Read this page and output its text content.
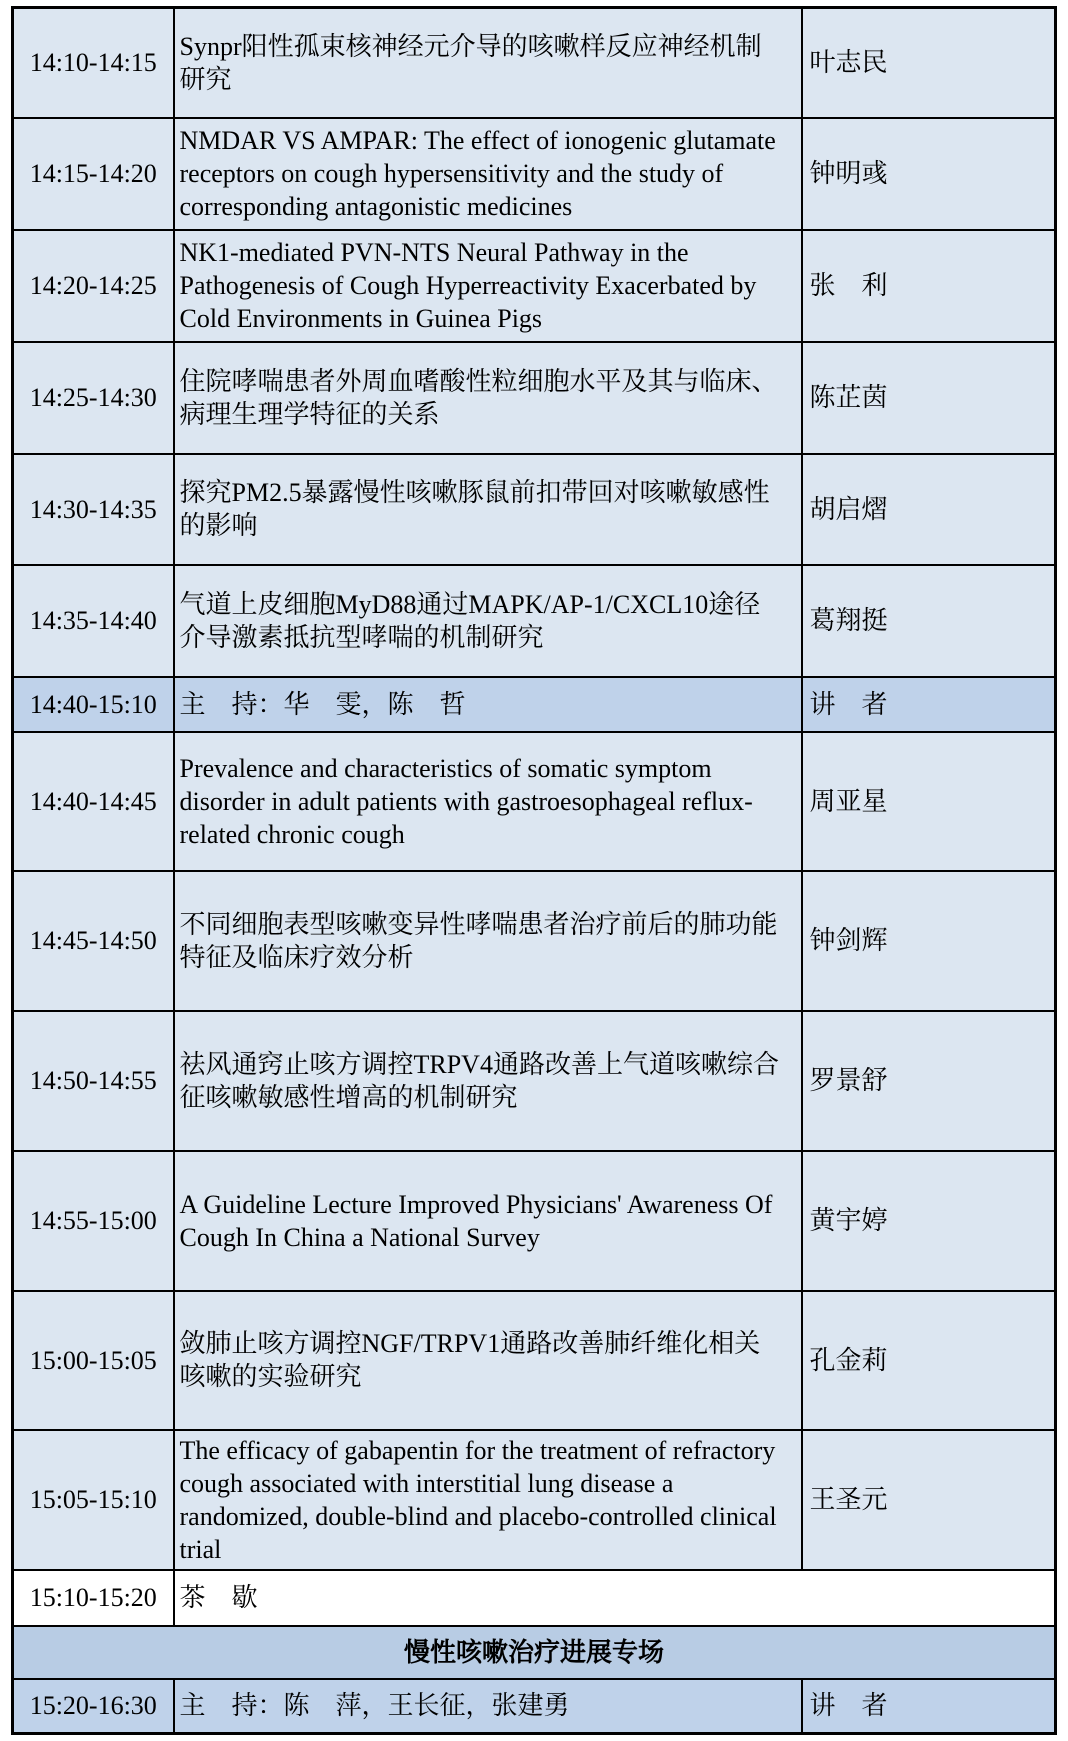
14:10-14:15	Synpr阳性孤束核神经元介导的咳嗽样反应神经机制
研究	叶志民
14:15-14:20	NMDAR VS AMPAR: The effect of ionogenic glutamate
receptors on cough hypersensitivity and the study of
corresponding antagonistic medicines	钟明彧
14:20-14:25	NK1-mediated PVN-NTS Neural Pathway in the
Pathogenesis of Cough Hyperreactivity Exacerbated by
Cold Environments in Guinea Pigs	张　利
14:25-14:30	住院哮喘患者外周血嗜酸性粒细胞水平及其与临床、
病理生理学特征的关系	陈芷茵
14:30-14:35	探究PM2.5暴露慢性咳嗽豚鼠前扣带回对咳嗽敏感性
的影响	胡启熠
14:35-14:40	气道上皮细胞MyD88通过MAPK/AP-1/CXCL10途径
介导激素抵抗型哮喘的机制研究	葛翔挺
14:40-15:10	主　持：华　雯，陈　哲	讲　者
14:40-14:45	Prevalence and characteristics of somatic symptom
disorder in adult patients with gastroesophageal reflux-
related chronic cough	周亚星
14:45-14:50	不同细胞表型咳嗽变异性哮喘患者治疗前后的肺功能
特征及临床疗效分析	钟剑辉
14:50-14:55	祛风通窍止咳方调控TRPV4通路改善上气道咳嗽综合
征咳嗽敏感性增高的机制研究	罗景舒
14:55-15:00	A Guideline Lecture Improved Physicians' Awareness Of
Cough In China a National Survey	黄宇婷
15:00-15:05	敛肺止咳方调控NGF/TRPV1通路改善肺纤维化相关
咳嗽的实验研究	孔金莉
15:05-15:10	The efficacy of gabapentin for the treatment of refractory
cough associated with interstitial lung disease a
randomized, double-blind and placebo-controlled clinical
trial	王圣元
15:10-15:20	茶　歇	
慢性咳嗽治疗进展专场		
15:20-16:30	主　持：陈　萍，王长征，张建勇	讲　者
